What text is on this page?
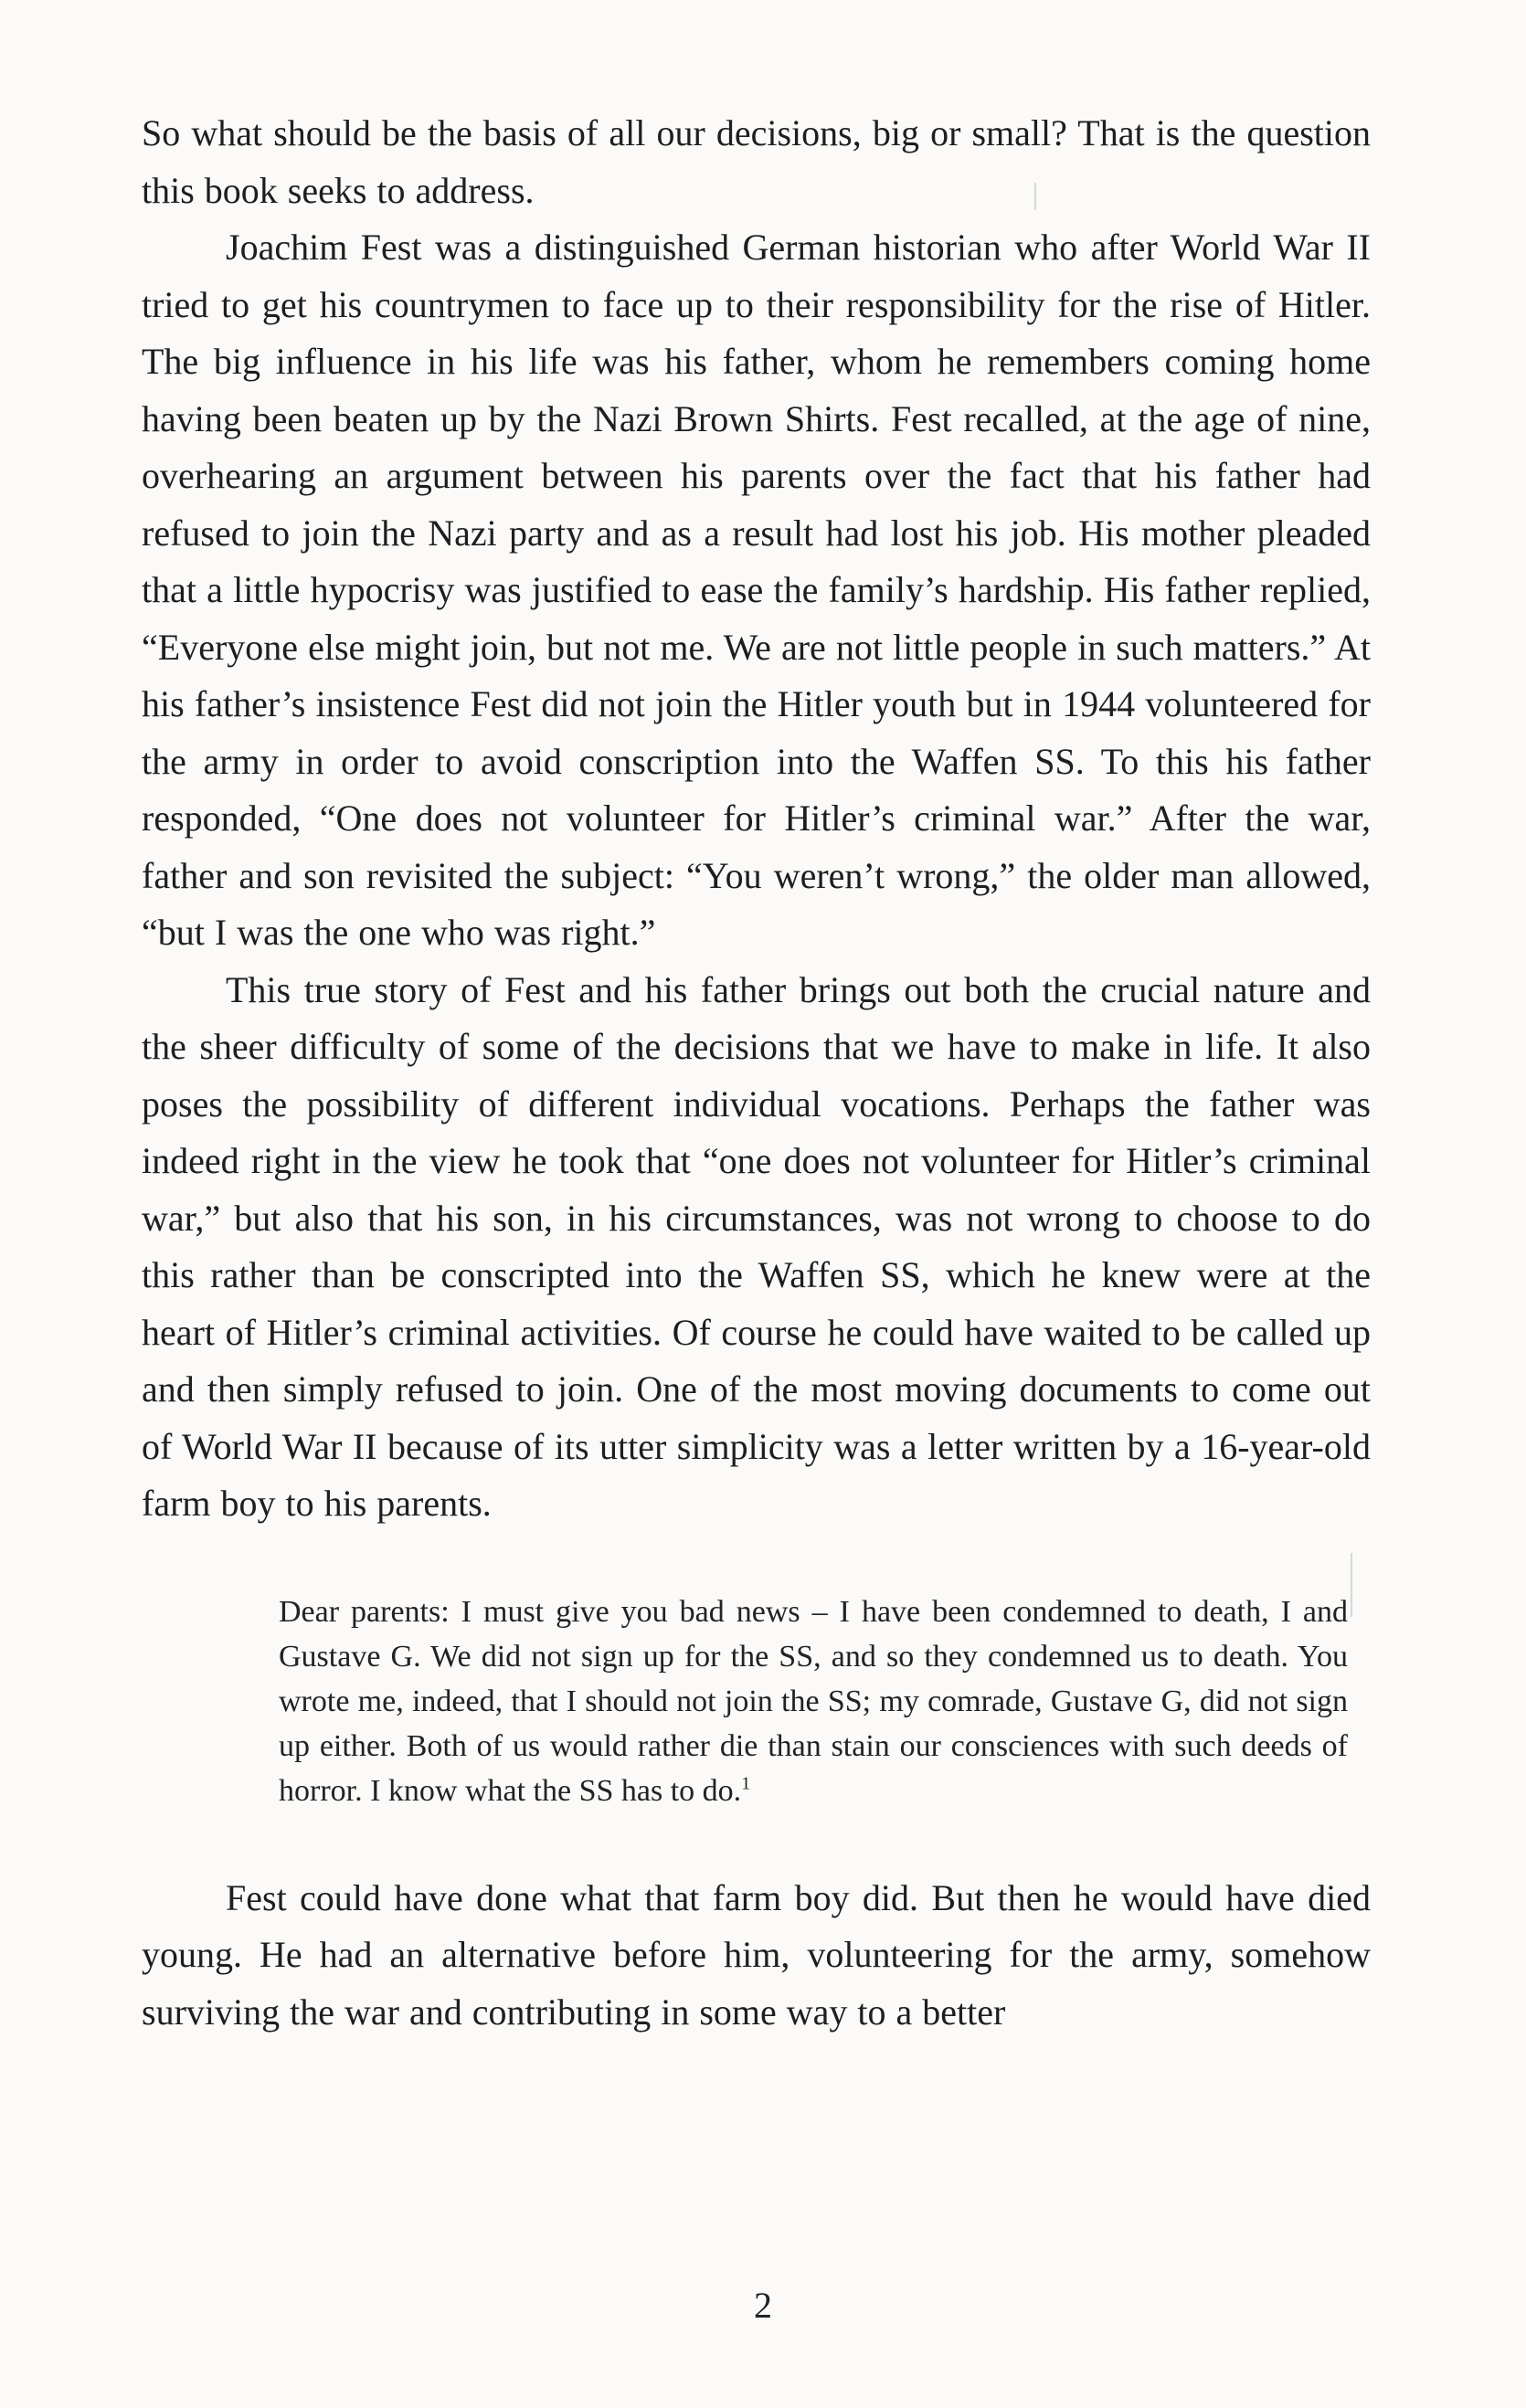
So what should be the basis of all our decisions, big or small? That is the question this book seeks to address.

Joachim Fest was a distinguished German historian who after World War II tried to get his countrymen to face up to their responsibility for the rise of Hitler. The big influence in his life was his father, whom he remembers coming home having been beaten up by the Nazi Brown Shirts. Fest recalled, at the age of nine, overhearing an argument between his parents over the fact that his father had refused to join the Nazi party and as a result had lost his job. His mother pleaded that a little hypocrisy was justified to ease the family’s hardship. His father replied, “Everyone else might join, but not me. We are not little people in such matters.” At his father’s insistence Fest did not join the Hitler youth but in 1944 volunteered for the army in order to avoid conscription into the Waffen SS. To this his father responded, “One does not volunteer for Hitler’s criminal war.” After the war, father and son revisited the subject: “You weren’t wrong,” the older man allowed, “but I was the one who was right.”

This true story of Fest and his father brings out both the crucial nature and the sheer difficulty of some of the decisions that we have to make in life. It also poses the possibility of different individual vocations. Perhaps the father was indeed right in the view he took that “one does not volunteer for Hitler’s criminal war,” but also that his son, in his circumstances, was not wrong to choose to do this rather than be conscripted into the Waffen SS, which he knew were at the heart of Hitler’s criminal activities. Of course he could have waited to be called up and then simply refused to join. One of the most moving documents to come out of World War II because of its utter simplicity was a letter written by a 16-year-old farm boy to his parents.

Dear parents: I must give you bad news – I have been condemned to death, I and Gustave G. We did not sign up for the SS, and so they condemned us to death. You wrote me, indeed, that I should not join the SS; my comrade, Gustave G, did not sign up either. Both of us would rather die than stain our consciences with such deeds of horror. I know what the SS has to do.$^1$

Fest could have done what that farm boy did. But then he would have died young. He had an alternative before him, volunteering for the army, somehow surviving the war and contributing in some way to a better

2
